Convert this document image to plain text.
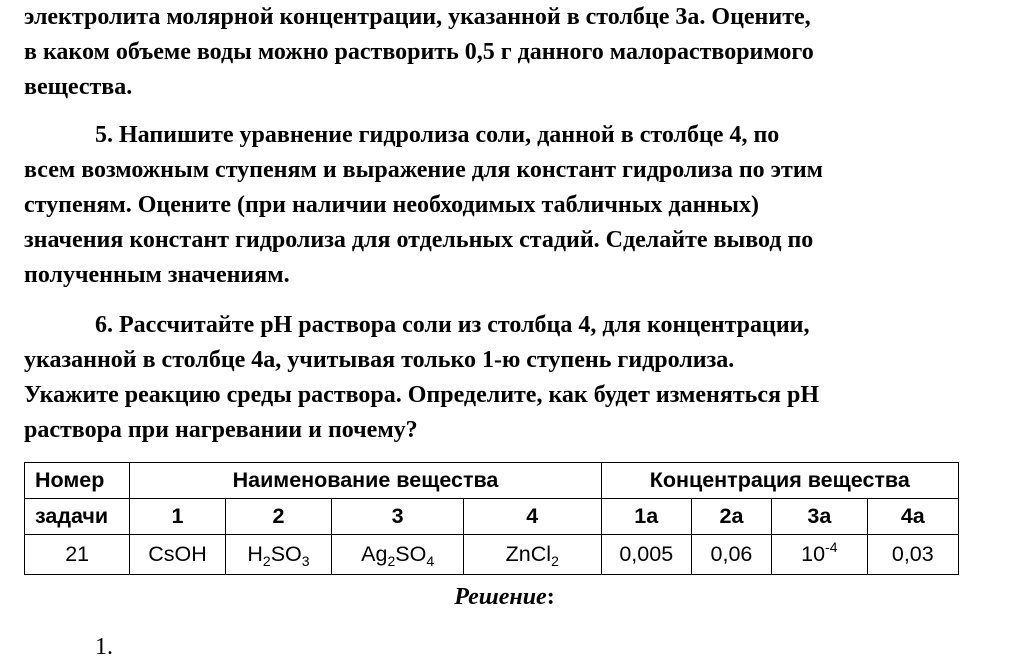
электролита молярной концентрации, указанной в столбце 3а. Оцените,
в каком объеме воды можно растворить 0,5 г данного малорастворимого
вещества.
5. Напишите уравнение гидролиза соли, данной в столбце 4, по
всем возможным ступеням и выражение для констант гидролиза по этим
ступеням. Оцените (при наличии необходимых табличных данных)
значения констант гидролиза для отдельных стадий. Сделайте вывод по
полученным значениям.
6. Рассчитайте pH раствора соли из столбца 4, для концентрации,
указанной в столбце 4а, учитывая только 1-ю ступень гидролиза.
Укажите реакцию среды раствора. Определите, как будет изменяться pH
раствора при нагревании и почему?
Номер	Наименование вещества				Концентрация вещества			
задачи	1	2	3	4	1а	2а	3а	4а
21	CsOH	$H_2SO_3$	$Ag_2SO_4$	ZnCl$_2$	0,005	0,06	$10^{-4}$	0,03
Решение:
1.
